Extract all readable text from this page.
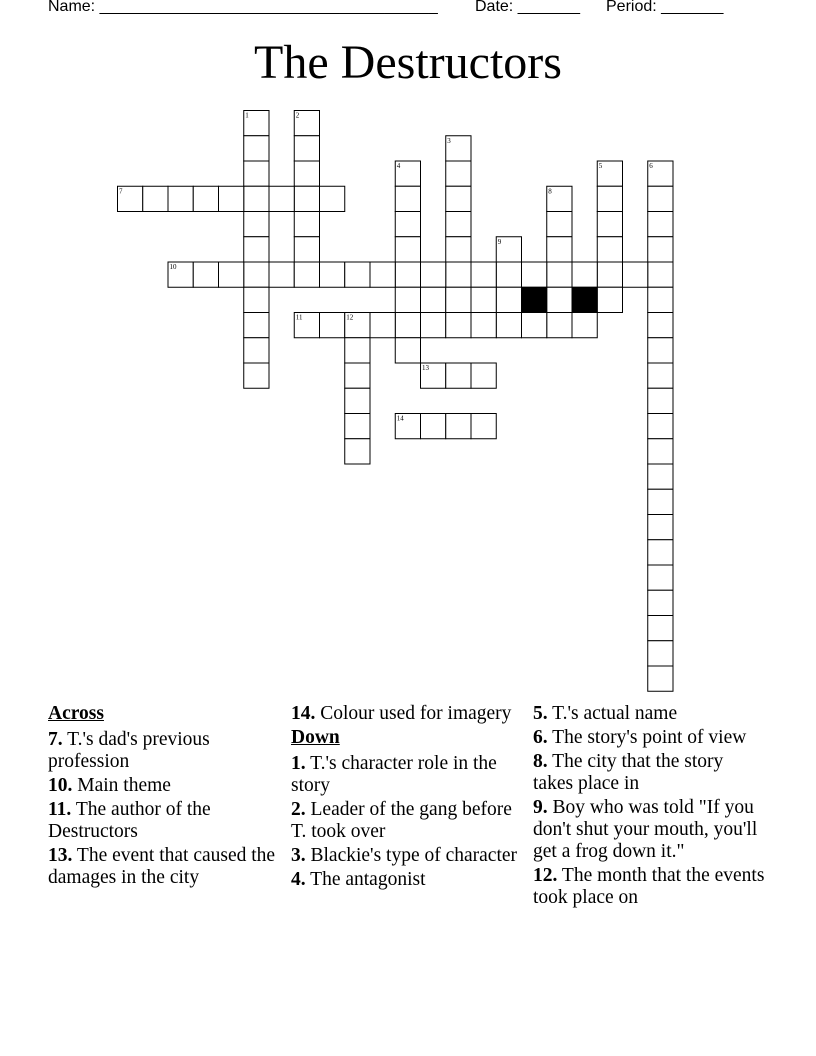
Name: ______________________________________ Date: _______ Period: _______
The Destructors
1	2
3
4	5	6
7	8
9
10
11	12
13
14
Across
7. T.'s dad's previous profession
10. Main theme
11. The author of the Destructors
13. The event that caused the damages in the city
14. Colour used for imagery
Down
1. T.'s character role in the story
2. Leader of the gang before T. took over
3. Blackie's type of character
4. The antagonist
5. T.'s actual name
6. The story's point of view
8. The city that the story takes place in
9. Boy who was told "If you don't shut your mouth, you'll get a frog down it."
12. The month that the events took place on
